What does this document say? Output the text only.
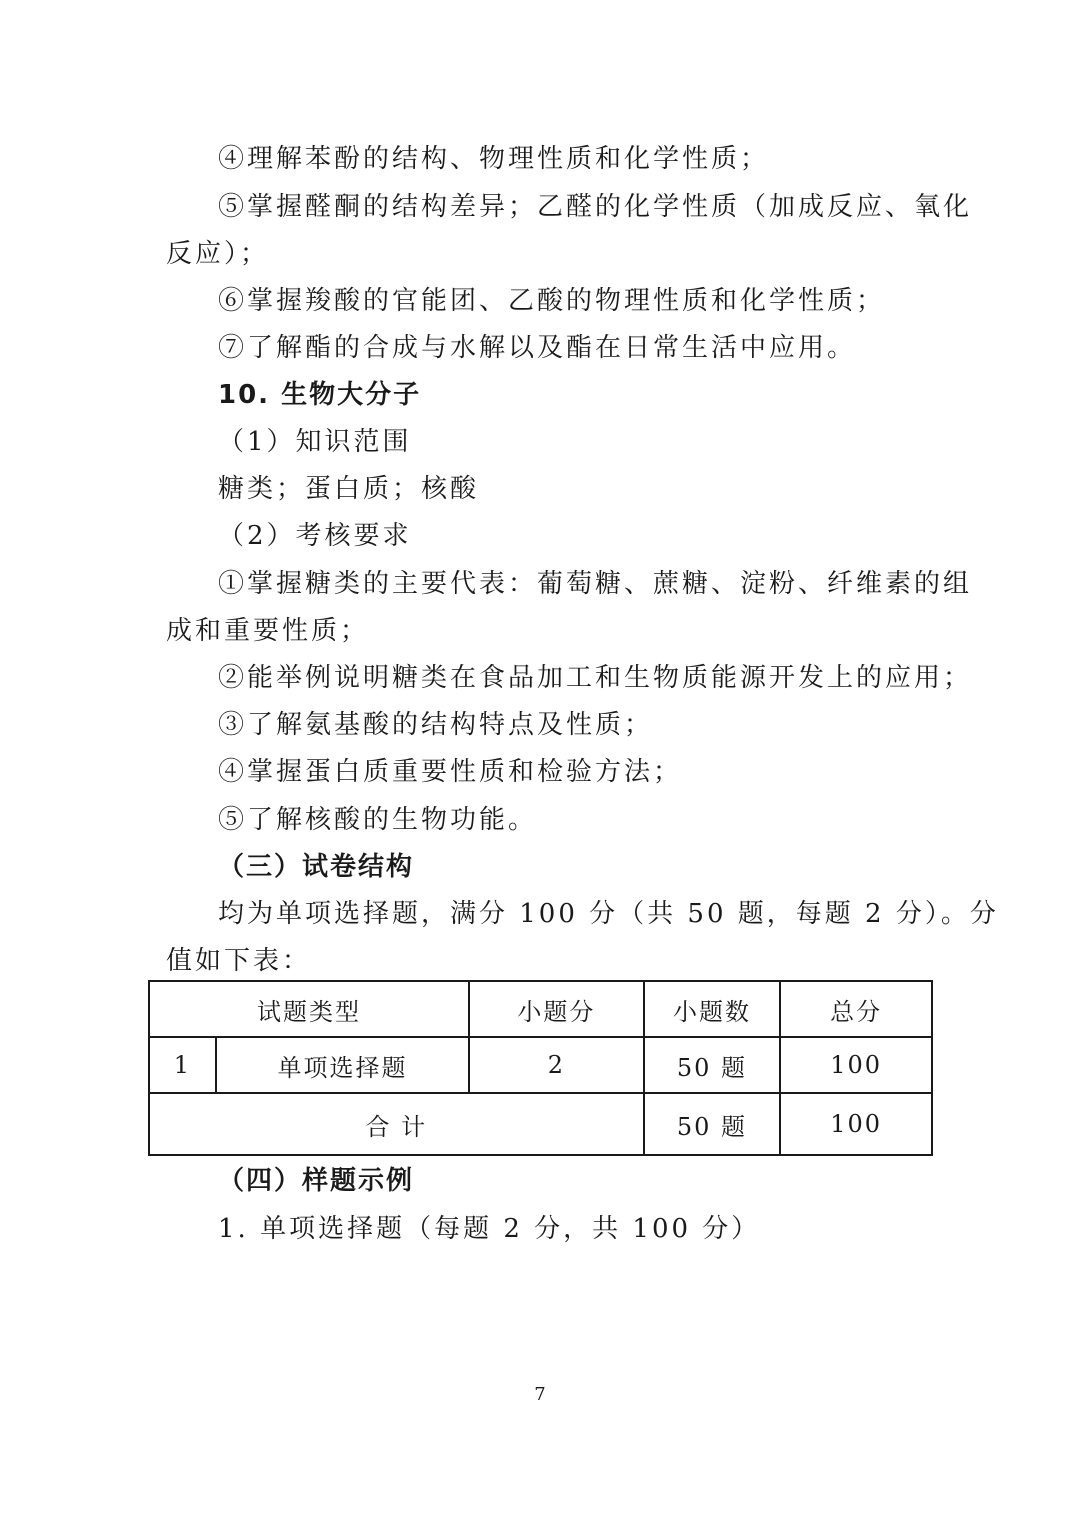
④理解苯酚的结构、物理性质和化学性质；
⑤掌握醛酮的结构差异；乙醛的化学性质（加成反应、氧化
反应）；
⑥掌握羧酸的官能团、乙酸的物理性质和化学性质；
⑦了解酯的合成与水解以及酯在日常生活中应用。
10. 生物大分子
（1）知识范围
糖类；蛋白质；核酸
（2）考核要求
①掌握糖类的主要代表：葡萄糖、蔗糖、淀粉、纤维素的组
成和重要性质；
②能举例说明糖类在食品加工和生物质能源开发上的应用；
③了解氨基酸的结构特点及性质；
④掌握蛋白质重要性质和检验方法；
⑤了解核酸的生物功能。
（三）试卷结构
均为单项选择题，满分 100 分（共 50 题，每题 2 分）。分
值如下表：
试题类型		小题分	小题数	总分
1	单项选择题	2	50 题	100
合 计			50 题	100
（四）样题示例
1. 单项选择题（每题 2 分，共 100 分）
7
